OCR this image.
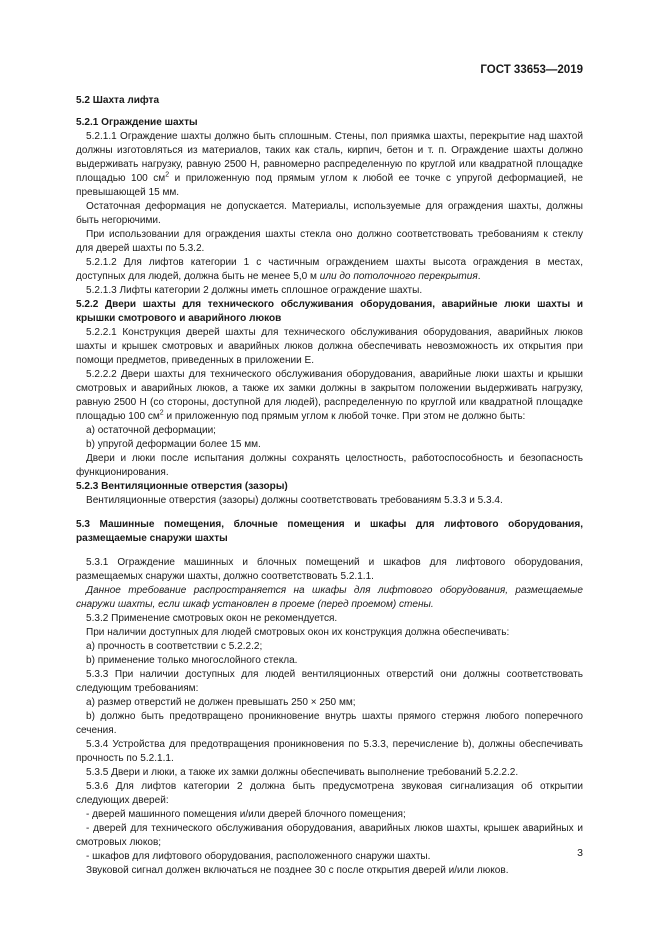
ГОСТ 33653—2019

5.2 Шахта лифта

5.2.1 Ограждение шахты

5.2.1.1 Ограждение шахты должно быть сплошным. Стены, пол приямка шахты, перекрытие над шахтой должны изготовляться из материалов, таких как сталь, кирпич, бетон и т. п. Ограждение шахты должно выдерживать нагрузку, равную 2500 Н, равномерно распределенную по круглой или квадратной площадке площадью 100 $см^2$ и приложенную под прямым углом к любой ее точке с упругой деформацией, не превышающей 15 мм.

Остаточная деформация не допускается. Материалы, используемые для ограждения шахты, должны быть негорючими.

При использовании для ограждения шахты стекла оно должно соответствовать требованиям к стеклу для дверей шахты по 5.3.2.

5.2.1.2 Для лифтов категории 1 с частичным ограждением шахты высота ограждения в местах, доступных для людей, должна быть не менее 5,0 м или до потолочного перекрытия.

5.2.1.3 Лифты категории 2 должны иметь сплошное ограждение шахты.

5.2.2 Двери шахты для технического обслуживания оборудования, аварийные люки шахты и крышки смотрового и аварийного люков

5.2.2.1 Конструкция дверей шахты для технического обслуживания оборудования, аварийных люков шахты и крышек смотровых и аварийных люков должна обеспечивать невозможность их открытия при помощи предметов, приведенных в приложении Е.

5.2.2.2 Двери шахты для технического обслуживания оборудования, аварийные люки шахты и крышки смотровых и аварийных люков, а также их замки должны в закрытом положении выдерживать нагрузку, равную 2500 Н (со стороны, доступной для людей), распределенную по круглой или квадратной площадке площадью 100 $см^2$ и приложенную под прямым углом к любой точке. При этом не должно быть:

а) остаточной деформации;

b) упругой деформации более 15 мм.

Двери и люки после испытания должны сохранять целостность, работоспособность и безопасность функционирования.

5.2.3 Вентиляционные отверстия (зазоры)

Вентиляционные отверстия (зазоры) должны соответствовать требованиям 5.3.3 и 5.3.4.

5.3 Машинные помещения, блочные помещения и шкафы для лифтового оборудования, размещаемые снаружи шахты

5.3.1 Ограждение машинных и блочных помещений и шкафов для лифтового оборудования, размещаемых снаружи шахты, должно соответствовать 5.2.1.1.

Данное требование распространяется на шкафы для лифтового оборудования, размещаемые снаружи шахты, если шкаф установлен в проеме (перед проемом) стены.

5.3.2 Применение смотровых окон не рекомендуется.

При наличии доступных для людей смотровых окон их конструкция должна обеспечивать:

а) прочность в соответствии с 5.2.2.2;

b) применение только многослойного стекла.

5.3.3 При наличии доступных для людей вентиляционных отверстий они должны соответствовать следующим требованиям:

а) размер отверстий не должен превышать 250 × 250 мм;

b) должно быть предотвращено проникновение внутрь шахты прямого стержня любого поперечного сечения.

5.3.4 Устройства для предотвращения проникновения по 5.3.3, перечисление b), должны обеспечивать прочность по 5.2.1.1.

5.3.5 Двери и люки, а также их замки должны обеспечивать выполнение требований 5.2.2.2.

5.3.6 Для лифтов категории 2 должна быть предусмотрена звуковая сигнализация об открытии следующих дверей:

- дверей машинного помещения и/или дверей блочного помещения;

- дверей для технического обслуживания оборудования, аварийных люков шахты, крышек аварийных и смотровых люков;

- шкафов для лифтового оборудования, расположенного снаружи шахты.

Звуковой сигнал должен включаться не позднее 30 с после открытия дверей и/или люков.

3
